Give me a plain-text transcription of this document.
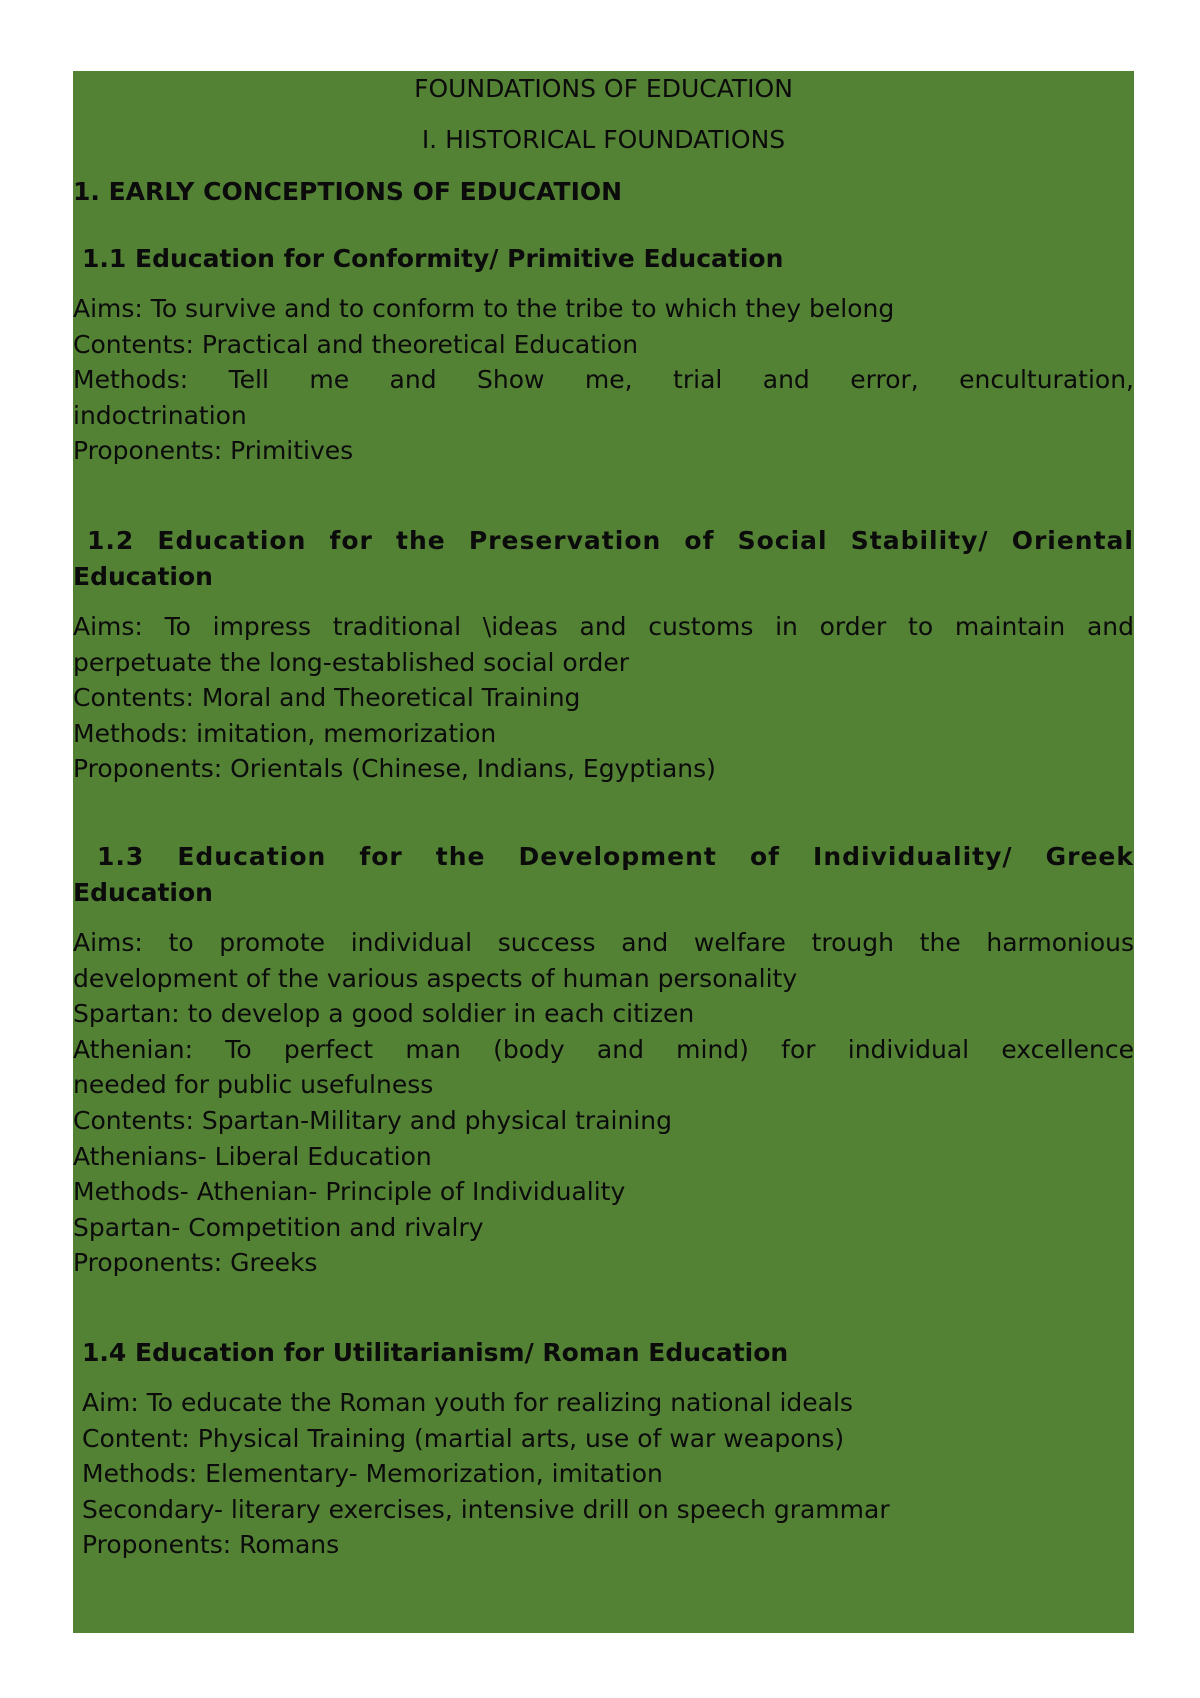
FOUNDATIONS OF EDUCATION
I. HISTORICAL FOUNDATIONS
1. EARLY CONCEPTIONS OF EDUCATION
1.1 Education for Conformity/ Primitive Education
Aims: To survive and to conform to the tribe to which they belong
Contents: Practical and theoretical Education
Methods: Tell me and Show me, trial and error, enculturation,
indoctrination
Proponents: Primitives
1.2 Education for the Preservation of Social Stability/ Oriental
Education
Aims: To impress traditional \ideas and customs in order to maintain and
perpetuate the long-established social order
Contents: Moral and Theoretical Training
Methods: imitation, memorization
Proponents: Orientals (Chinese, Indians, Egyptians)
1.3 Education for the Development of Individuality/ Greek
Education
Aims: to promote individual success and welfare trough the harmonious
development of the various aspects of human personality
Spartan: to develop a good soldier in each citizen
Athenian: To perfect man (body and mind) for individual excellence
needed for public usefulness
Contents: Spartan-Military and physical training
Athenians- Liberal Education
Methods- Athenian- Principle of Individuality
Spartan- Competition and rivalry
Proponents: Greeks
1.4 Education for Utilitarianism/ Roman Education
Aim: To educate the Roman youth for realizing national ideals
Content: Physical Training (martial arts, use of war weapons)
Methods: Elementary- Memorization, imitation
Secondary- literary exercises, intensive drill on speech grammar
Proponents: Romans
